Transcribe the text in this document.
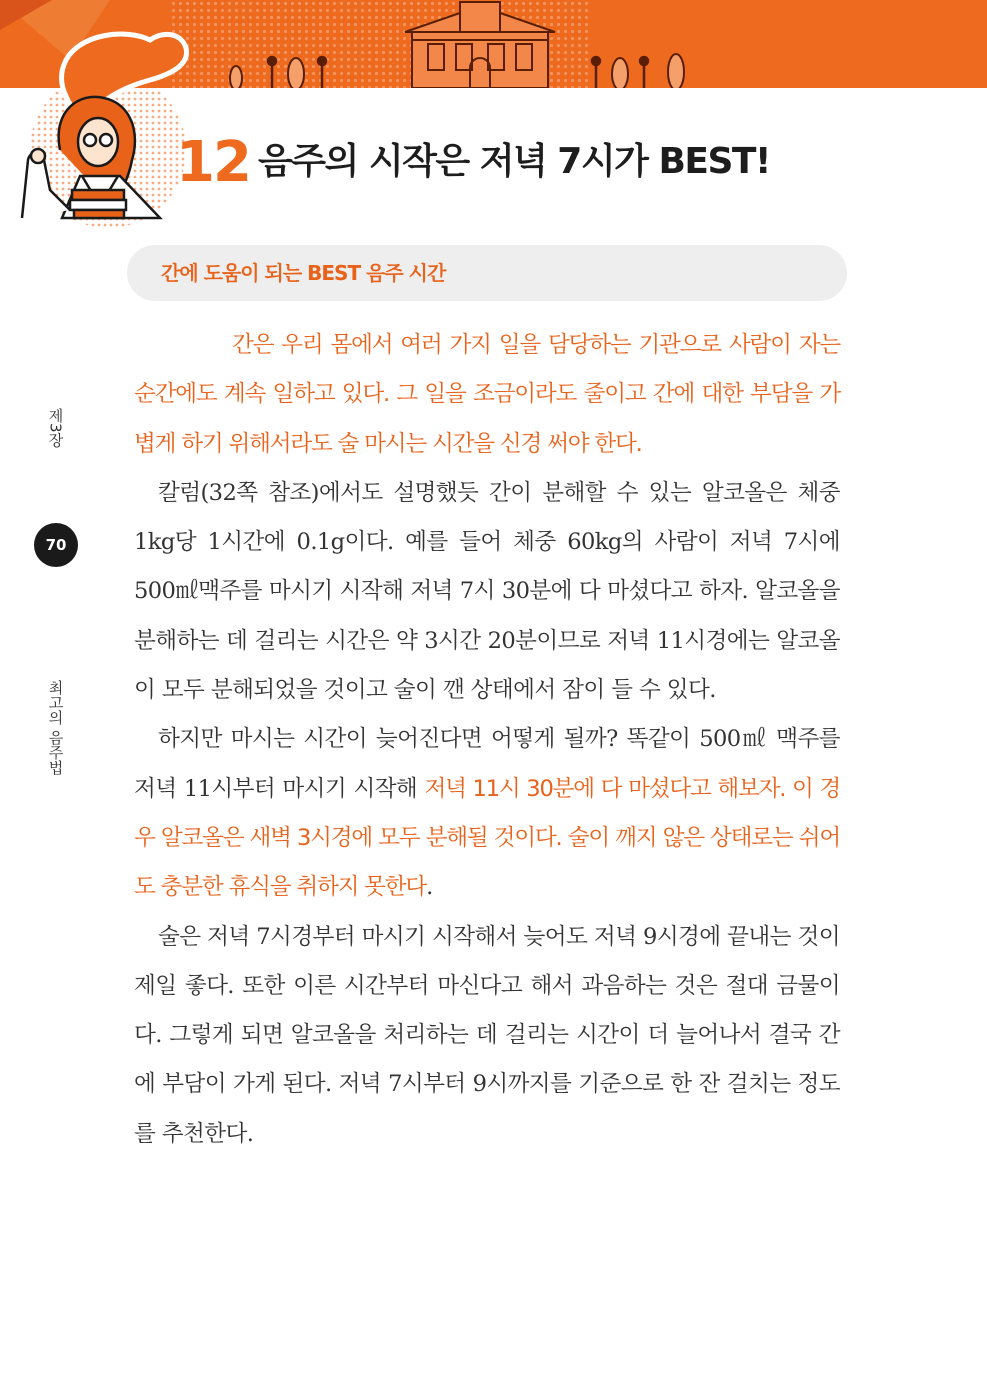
12 음주의 시작은 저녁 7시가 BEST!
간에 도움이 되는 BEST 음주 시간
제3장
70
최고의 음주법

간은 우리 몸에서 여러 가지 일을 담당하는 기관으로 사람이 자는 순간에도 계속 일하고 있다. 그 일을 조금이라도 줄이고 간에 대한 부담을 가볍게 하기 위해서라도 술 마시는 시간을 신경 써야 한다.

칼럼(32쪽 참조)에서도 설명했듯 간이 분해할 수 있는 알코올은 체중 1kg당 1시간에 0.1g이다. 예를 들어 체중 60kg의 사람이 저녁 7시에 500㎖맥주를 마시기 시작해 저녁 7시 30분에 다 마셨다고 하자. 알코올을 분해하는 데 걸리는 시간은 약 3시간 20분이므로 저녁 11시경에는 알코올이 모두 분해되었을 것이고 술이 깬 상태에서 잠이 들 수 있다.

하지만 마시는 시간이 늦어진다면 어떻게 될까? 똑같이 500㎖ 맥주를 저녁 11시부터 마시기 시작해 저녁 11시 30분에 다 마셨다고 해보자. 이 경우 알코올은 새벽 3시경에 모두 분해될 것이다. 술이 깨지 않은 상태로는 쉬어도 충분한 휴식을 취하지 못한다.

술은 저녁 7시경부터 마시기 시작해서 늦어도 저녁 9시경에 끝내는 것이 제일 좋다. 또한 이른 시간부터 마신다고 해서 과음하는 것은 절대 금물이다. 그렇게 되면 알코올을 처리하는 데 걸리는 시간이 더 늘어나서 결국 간에 부담이 가게 된다. 저녁 7시부터 9시까지를 기준으로 한 잔 걸치는 정도를 추천한다.
